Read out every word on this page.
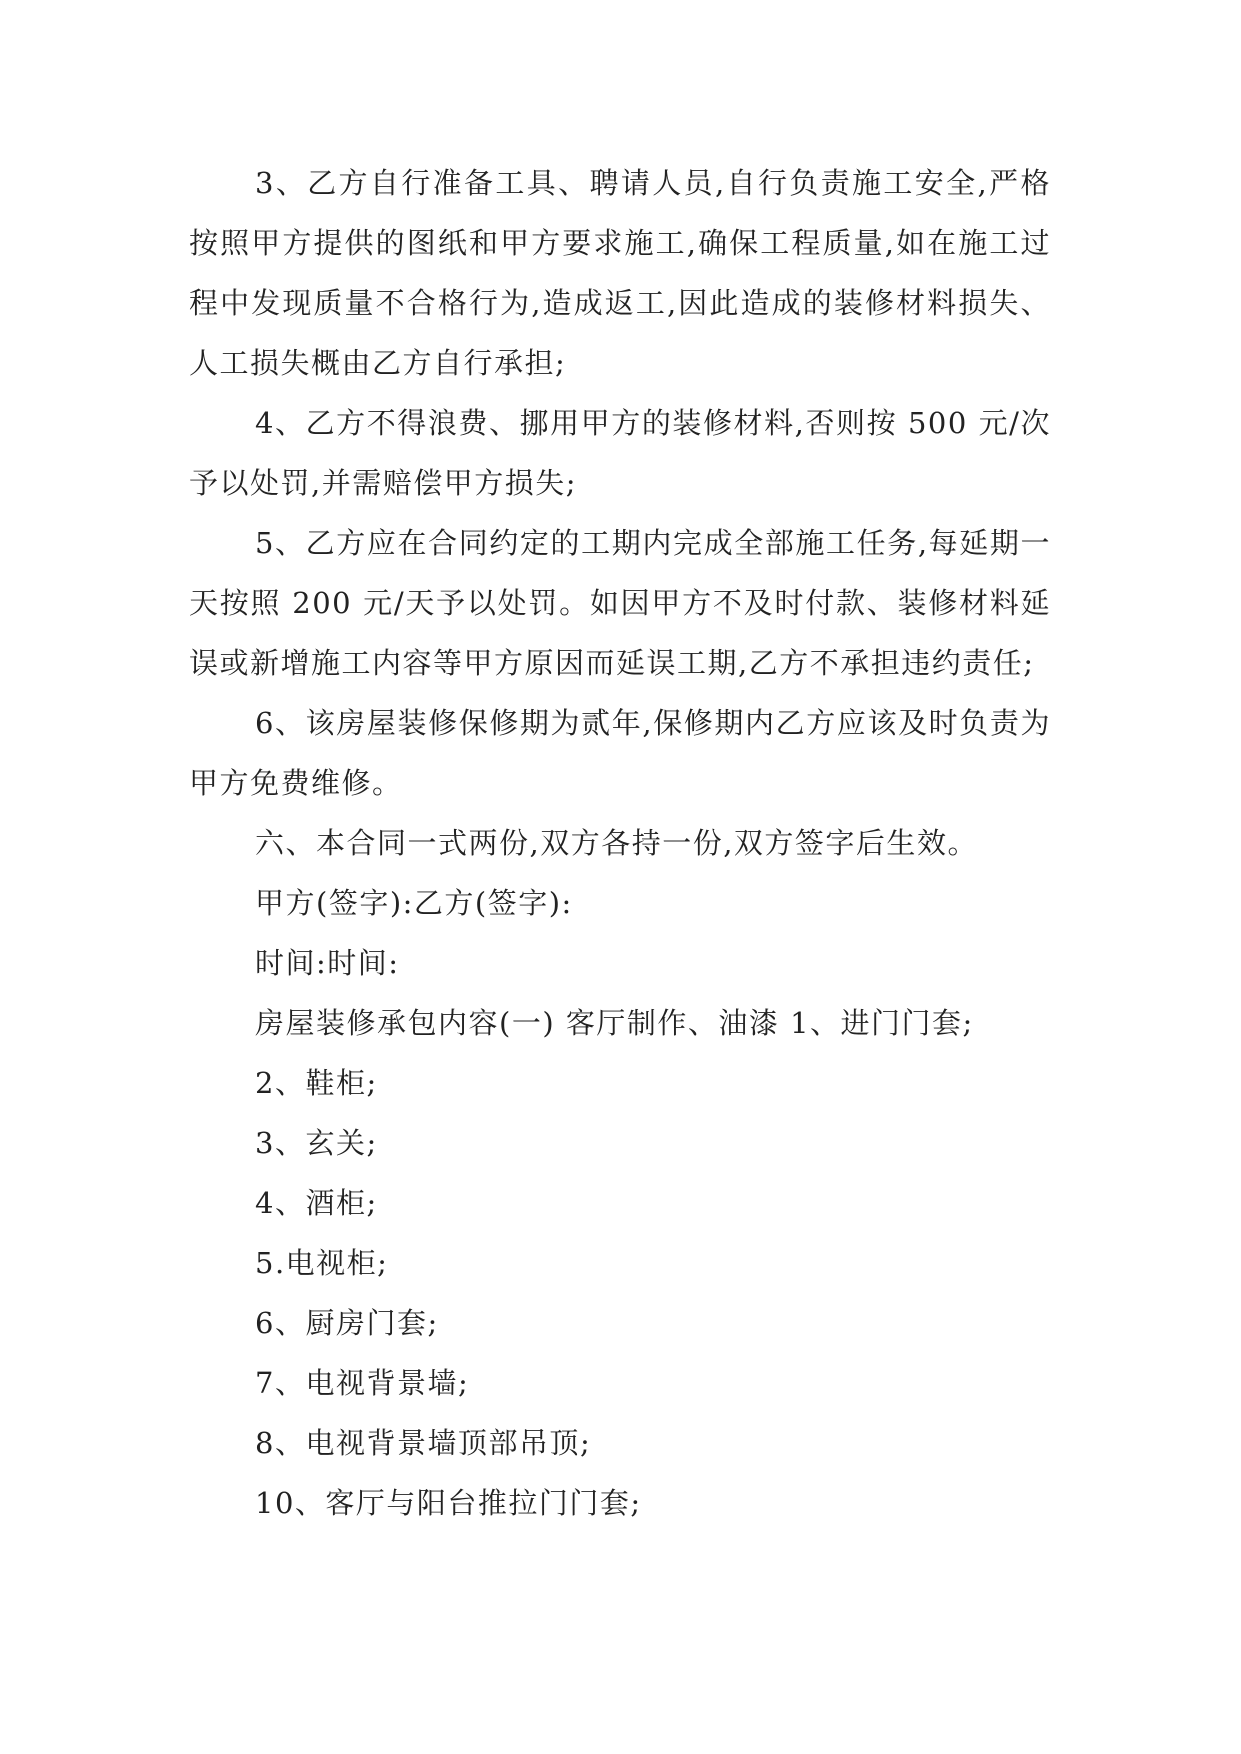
3、乙方自行准备工具、聘请人员,自行负责施工安全,严格按照甲方提供的图纸和甲方要求施工,确保工程质量,如在施工过程中发现质量不合格行为,造成返工,因此造成的装修材料损失、人工损失概由乙方自行承担;

4、乙方不得浪费、挪用甲方的装修材料,否则按 500 元/次予以处罚,并需赔偿甲方损失;

5、乙方应在合同约定的工期内完成全部施工任务,每延期一天按照 200 元/天予以处罚。如因甲方不及时付款、装修材料延误或新增施工内容等甲方原因而延误工期,乙方不承担违约责任;

6、该房屋装修保修期为贰年,保修期内乙方应该及时负责为甲方免费维修。

六、本合同一式两份,双方各持一份,双方签字后生效。

甲方(签字):乙方(签字):

时间:时间:

房屋装修承包内容(一) 客厅制作、油漆 1、进门门套;

2、鞋柜;

3、玄关;

4、酒柜;

5.电视柜;

6、厨房门套;

7、电视背景墙;

8、电视背景墙顶部吊顶;

10、客厅与阳台推拉门门套;
